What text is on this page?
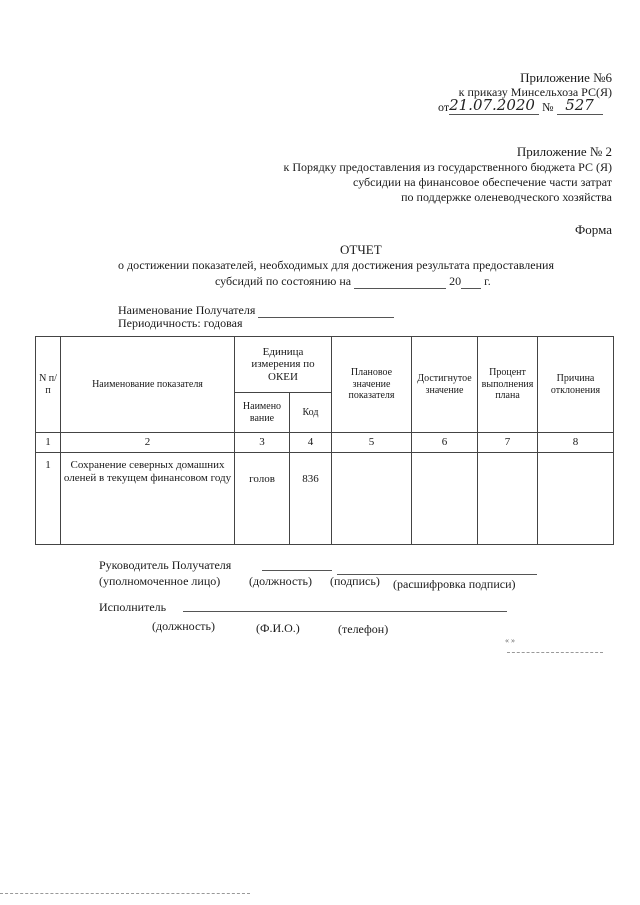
Приложение №6
к приказу Минсельхоза РС(Я)
от21.07.2020 № 527
Приложение № 2
к Порядку предоставления из государственного бюджета РС (Я)
субсидии на финансовое обеспечение части затрат
по поддержке оленеводческого хозяйства
Форма
ОТЧЕТ
о достижении показателей, необходимых для достижения результата предоставления
субсидий по состоянию на	20 г.
Наименование Получателя
Периодичность: годовая
N п/п	Наименование показателя	Единица измерения по ОКЕИ		Плановое значение показателя	Достигнутое значение	Процент выполнения плана	Причина отклонения
		Наимено вание	Код				
1	2	3	4	5	6	7	8
1	Сохранение северных домашних оленей в текущем финансовом году	голов	836				
Руководитель Получателя
(уполномоченное лицо) (должность) (подпись) (расшифровка подписи)
Исполнитель
(должность)	(Ф.И.О.)	(телефон)
« »
